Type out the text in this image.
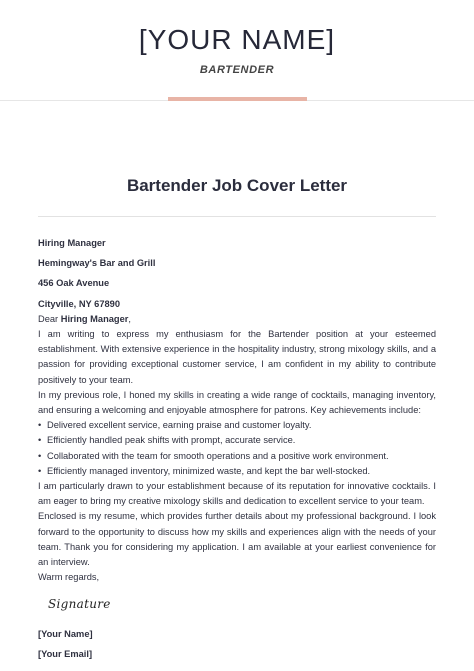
[YOUR NAME]
BARTENDER
Bartender Job Cover Letter
Hiring Manager
Hemingway's Bar and Grill
456 Oak Avenue
Cityville, NY 67890
Dear Hiring Manager,
I am writing to express my enthusiasm for the Bartender position at your esteemed establishment. With extensive experience in the hospitality industry, strong mixology skills, and a passion for providing exceptional customer service, I am confident in my ability to contribute positively to your team.
In my previous role, I honed my skills in creating a wide range of cocktails, managing inventory, and ensuring a welcoming and enjoyable atmosphere for patrons. Key achievements include:
• Delivered excellent service, earning praise and customer loyalty.
• Efficiently handled peak shifts with prompt, accurate service.
• Collaborated with the team for smooth operations and a positive work environment.
• Efficiently managed inventory, minimized waste, and kept the bar well-stocked.
I am particularly drawn to your establishment because of its reputation for innovative cocktails. I am eager to bring my creative mixology skills and dedication to excellent service to your team.
Enclosed is my resume, which provides further details about my professional background. I look forward to the opportunity to discuss how my skills and experiences align with the needs of your team. Thank you for considering my application. I am available at your earliest convenience for an interview.
Warm regards,
Signature
[Your Name]
[Your Email]
